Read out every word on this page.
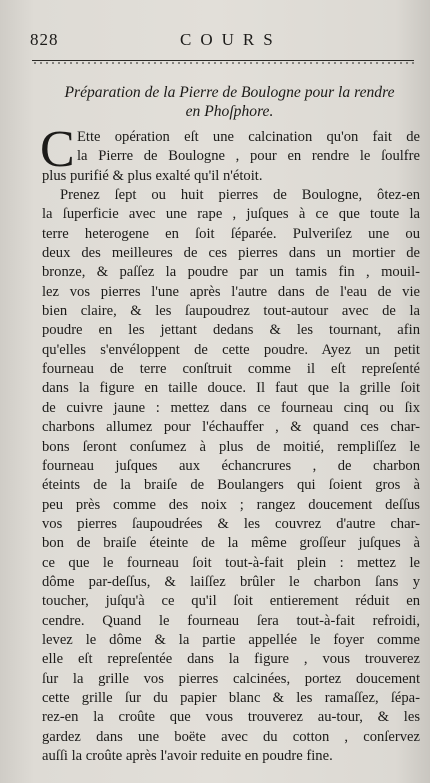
828	COURS
Préparation de la Pierre de Boulogne pour la rendre
en Phoſphore.
C Ette opération eſt une calcination qu'on fait de
la Pierre de Boulogne , pour en rendre le ſoulfre
plus purifié & plus exalté qu'il n'étoit.
Prenez ſept ou huit pierres de Boulogne, ôtez-en
la ſuperficie avec une rape , juſques à ce que toute la
terre heterogene en ſoit ſéparée. Pulveriſez une ou
deux des meilleures de ces pierres dans un mortier de
bronze, & paſſez la poudre par un tamis fin , mouil-
lez vos pierres l'une après l'autre dans de l'eau de vie
bien claire, & les ſaupoudrez tout-autour avec de la
poudre en les jettant dedans & les tournant, afin
qu'elles s'envéloppent de cette poudre. Ayez un petit
fourneau de terre conſtruit comme il eſt repreſenté
dans la figure en taille douce. Il faut que la grille ſoit
de cuivre jaune : mettez dans ce fourneau cinq ou ſix
charbons allumez pour l'échauffer , & quand ces char-
bons ſeront conſumez à plus de moitié, rempliſſez le
fourneau juſques aux échancrures , de charbon
éteints de la braiſe de Boulangers qui ſoient gros à
peu près comme des noix ; rangez doucement deſſus
vos pierres ſaupoudrées & les couvrez d'autre char-
bon de braiſe éteinte de la même groſſeur juſques à
ce que le fourneau ſoit tout-à-fait plein : mettez le
dôme par-deſſus, & laiſſez brûler le charbon ſans y
toucher, juſqu'à ce qu'il ſoit entierement réduit en
cendre. Quand le fourneau ſera tout-à-fait refroidi,
levez le dôme & la partie appellée le foyer comme
elle eſt repreſentée dans la figure , vous trouverez
ſur la grille vos pierres calcinées, portez doucement
cette grille ſur du papier blanc & les ramaſſez, ſépa-
rez-en la croûte que vous trouverez au-tour, & les
gardez dans une boëte avec du cotton , conſervez
auſſi la croûte après l'avoir reduite en poudre fine.
